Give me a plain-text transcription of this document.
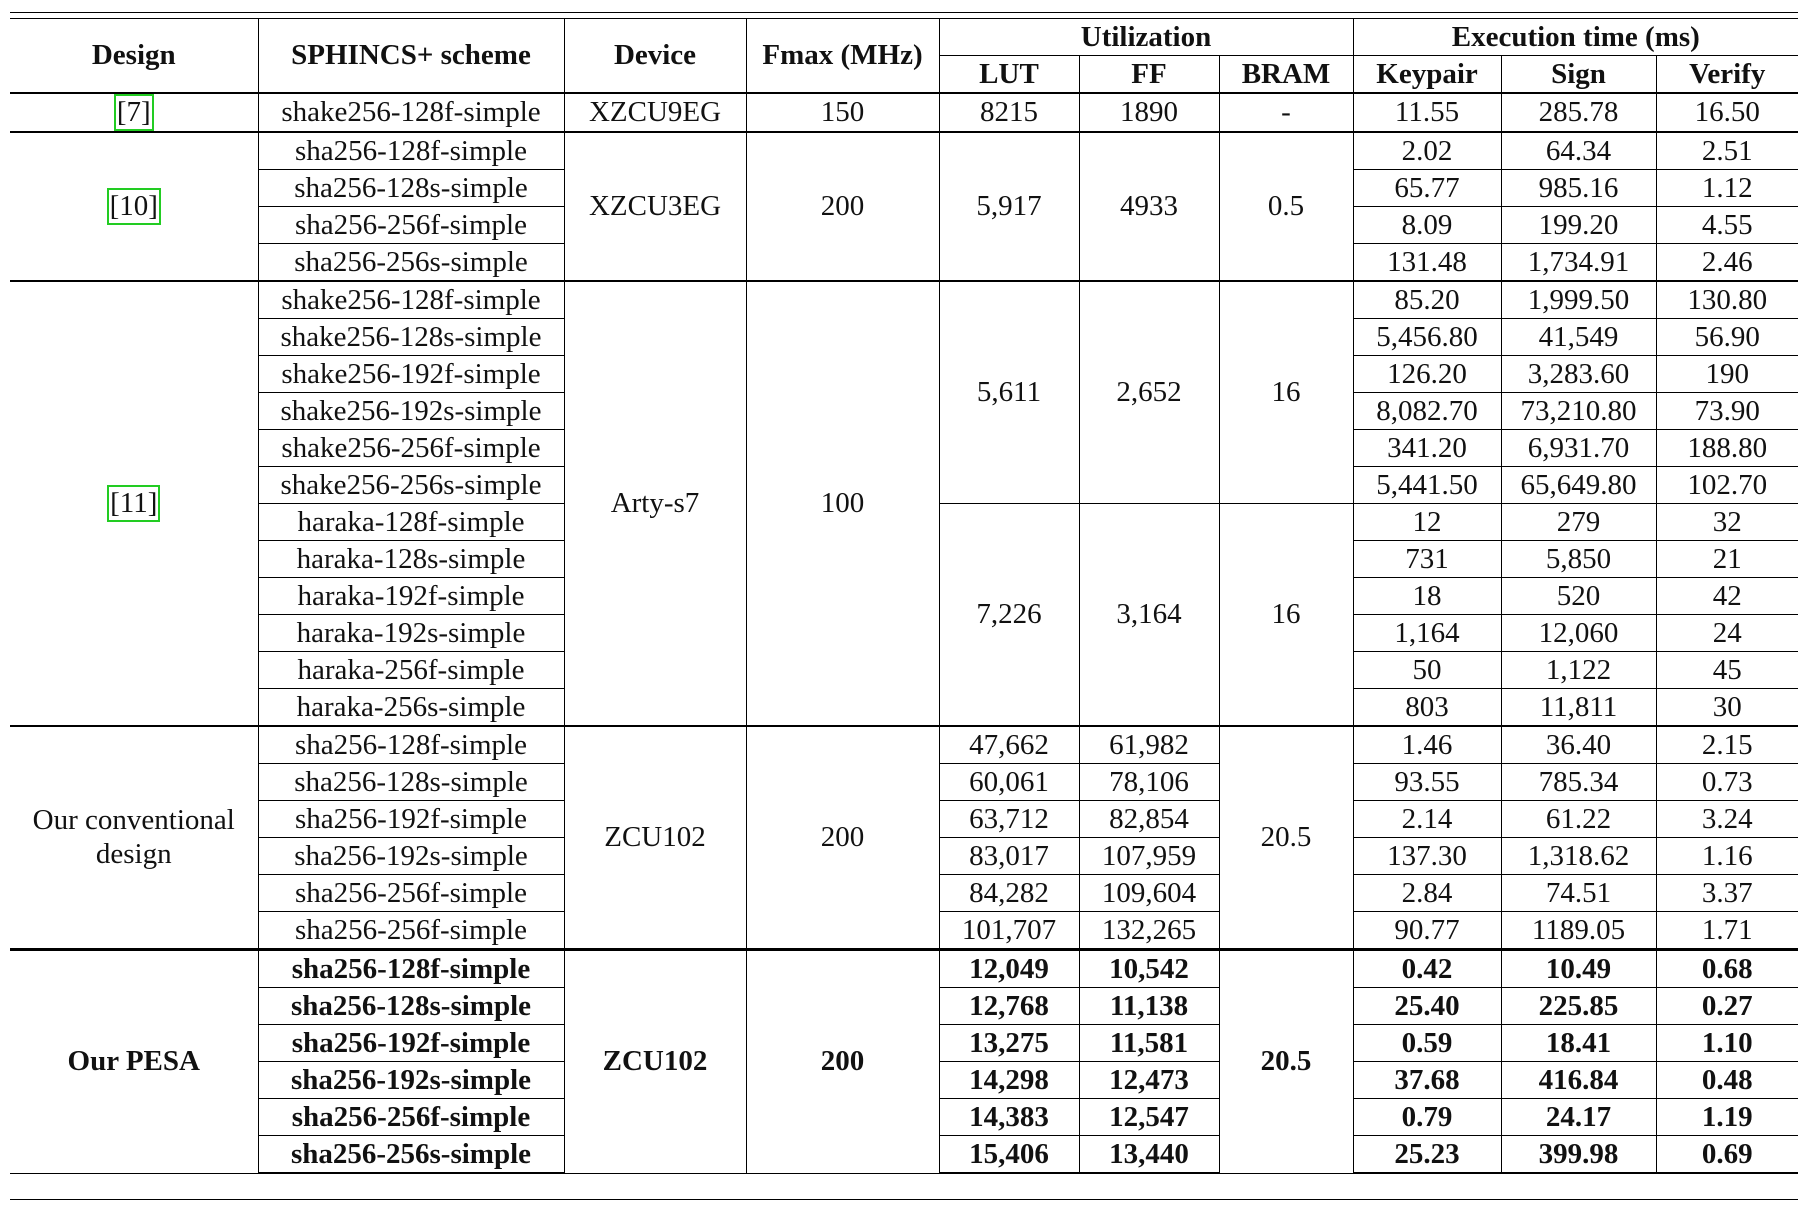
Design	SPHINCS+ scheme	Device	Fmax (MHz)	Utilization			Execution time (ms)		
				LUT	FF	BRAM	Keypair	Sign	Verify
[7]	shake256-128f-simple	XZCU9EG	150	8215	1890	-	11.55	285.78	16.50
[10]	sha256-128f-simple	XZCU3EG	200	5,917	4933	0.5	2.02	64.34	2.51
	sha256-128s-simple						65.77	985.16	1.12
	sha256-256f-simple						8.09	199.20	4.55
	sha256-256s-simple						131.48	1,734.91	2.46
[11]	shake256-128f-simple	Arty-s7	100	5,611	2,652	16	85.20	1,999.50	130.80
	shake256-128s-simple						5,456.80	41,549	56.90
	shake256-192f-simple						126.20	3,283.60	190
	shake256-192s-simple						8,082.70	73,210.80	73.90
	shake256-256f-simple						341.20	6,931.70	188.80
	shake256-256s-simple						5,441.50	65,649.80	102.70
	haraka-128f-simple			7,226	3,164	16	12	279	32
	haraka-128s-simple						731	5,850	21
	haraka-192f-simple						18	520	42
	haraka-192s-simple						1,164	12,060	24
	haraka-256f-simple						50	1,122	45
	haraka-256s-simple						803	11,811	30

Our conventional
design	sha256-128f-simple	ZCU102	200	47,662	61,982	20.5	1.46	36.40	2.15
	sha256-128s-simple			60,061	78,106		93.55	785.34	0.73
	sha256-192f-simple			63,712	82,854		2.14	61.22	3.24
	sha256-192s-simple			83,017	107,959		137.30	1,318.62	1.16
	sha256-256f-simple			84,282	109,604		2.84	74.51	3.37
	sha256-256f-simple			101,707	132,265		90.77	1189.05	1.71
Our PESA	sha256-128f-simple	ZCU102	200	12,049	10,542	20.5	0.42	10.49	0.68
	sha256-128s-simple			12,768	11,138		25.40	225.85	0.27
	sha256-192f-simple			13,275	11,581		0.59	18.41	1.10
	sha256-192s-simple			14,298	12,473		37.68	416.84	0.48
	sha256-256f-simple			14,383	12,547		0.79	24.17	1.19
	sha256-256s-simple			15,406	13,440		25.23	399.98	0.69
